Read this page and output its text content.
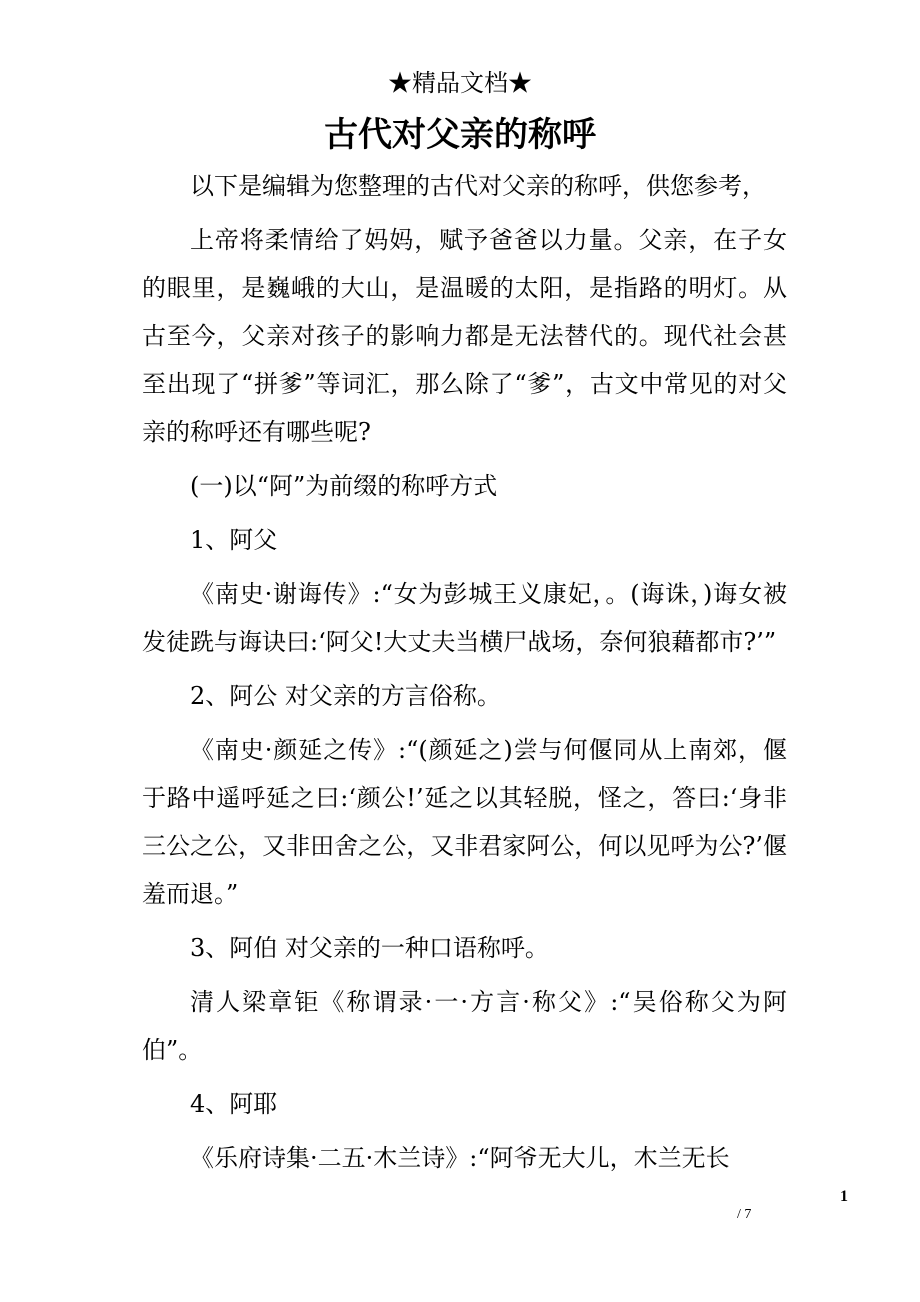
★精品文档★
古代对父亲的称呼

以下是编辑为您整理的古代对父亲的称呼，供您参考，

上帝将柔情给了妈妈，赋予爸爸以力量。父亲，在子女的眼里，是巍峨的大山，是温暖的太阳，是指路的明灯。从古至今，父亲对孩子的影响力都是无法替代的。现代社会甚至出现了“拼爹”等词汇，那么除了“爹”，古文中常见的对父亲的称呼还有哪些呢?

(一)以“阿”为前缀的称呼方式

1、阿父

《南史·谢诲传》:“女为彭城王义康妃，。(诲诛，)诲女被发徒跣与诲诀曰:‘阿父!大丈夫当横尸战场，奈何狼藉都市?’”

2、阿公 对父亲的方言俗称。

《南史·颜延之传》:“(颜延之)尝与何偃同从上南郊，偃于路中遥呼延之曰:‘颜公!’延之以其轻脱，怪之，答曰:‘身非三公之公，又非田舍之公，又非君家阿公，何以见呼为公?’偃羞而退。”

3、阿伯 对父亲的一种口语称呼。

清人梁章钜《称谓录·一·方言·称父》:“吴俗称父为阿伯”。

4、阿耶

《乐府诗集·二五·木兰诗》:“阿爷无大儿，木兰无长

1
/ 7
